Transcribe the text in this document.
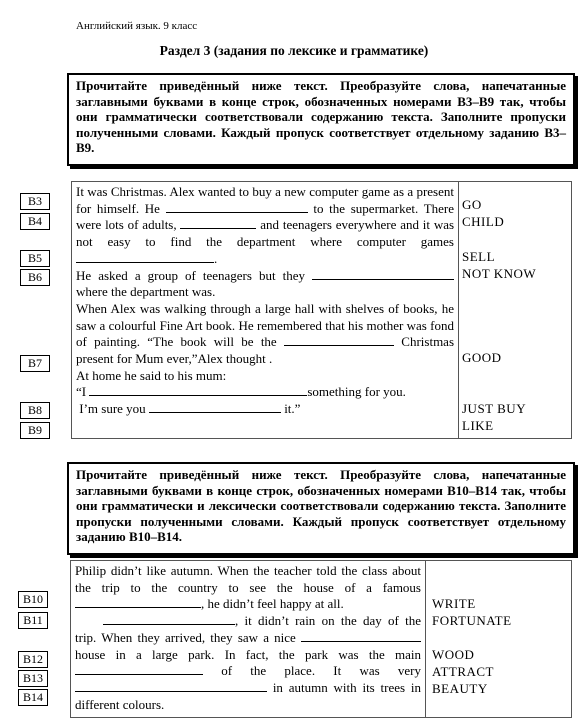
Английский язык. 9 класс
Раздел 3 (задания по лексике и грамматике)

Прочитайте приведённый ниже текст. Преобразуйте слова, напечатанные заглавными буквами в конце строк, обозначенных номерами В3–В9 так, чтобы они грамматически соответствовали содержанию текста. Заполните пропуски полученными словами. Каждый пропуск соответствует отдельному заданию В3–В9.

B3
B4
B5
B6
B7
B8
B9

It was Christmas. Alex wanted to buy a new computer game as a present for himself. He	to the supermarket. There were lots of adults,	and teenagers everywhere and it was not easy to find the department where computer games .
He asked a group of teenagers but they  where the department was.
When Alex was walking through a large hall with shelves of books, he saw a colourful Fine Art book. He remembered that his mother was fond of painting. “The book will be the	Christmas present for Mum ever,”Alex thought .
At home he said to his mum:
“I	something for you.
I’m sure you	it.”

GO
CHILD
SELL
NOT KNOW
GOOD
JUST BUY
LIKE

Прочитайте приведённый ниже текст. Преобразуйте слова, напечатанные заглавными буквами в конце строк, обозначенных номерами В10–В14 так, чтобы они грамматически и лексически соответствовали содержанию текста. Заполните пропуски полученными словами. Каждый пропуск соответствует отдельному заданию В10–В14.

B10
B11
B12
B13
B14

Philip didn’t like autumn. When the teacher told the class about the trip to the country to see the house of a famous , he didn’t feel happy at all.
, it didn’t rain on the day of the trip. When they arrived, they saw a nice  house in a large park. In fact, the park was the main  of the place. It was very  in autumn with its trees in different colours.

WRITE
FORTUNATE
WOOD
ATTRACT
BEAUTY
